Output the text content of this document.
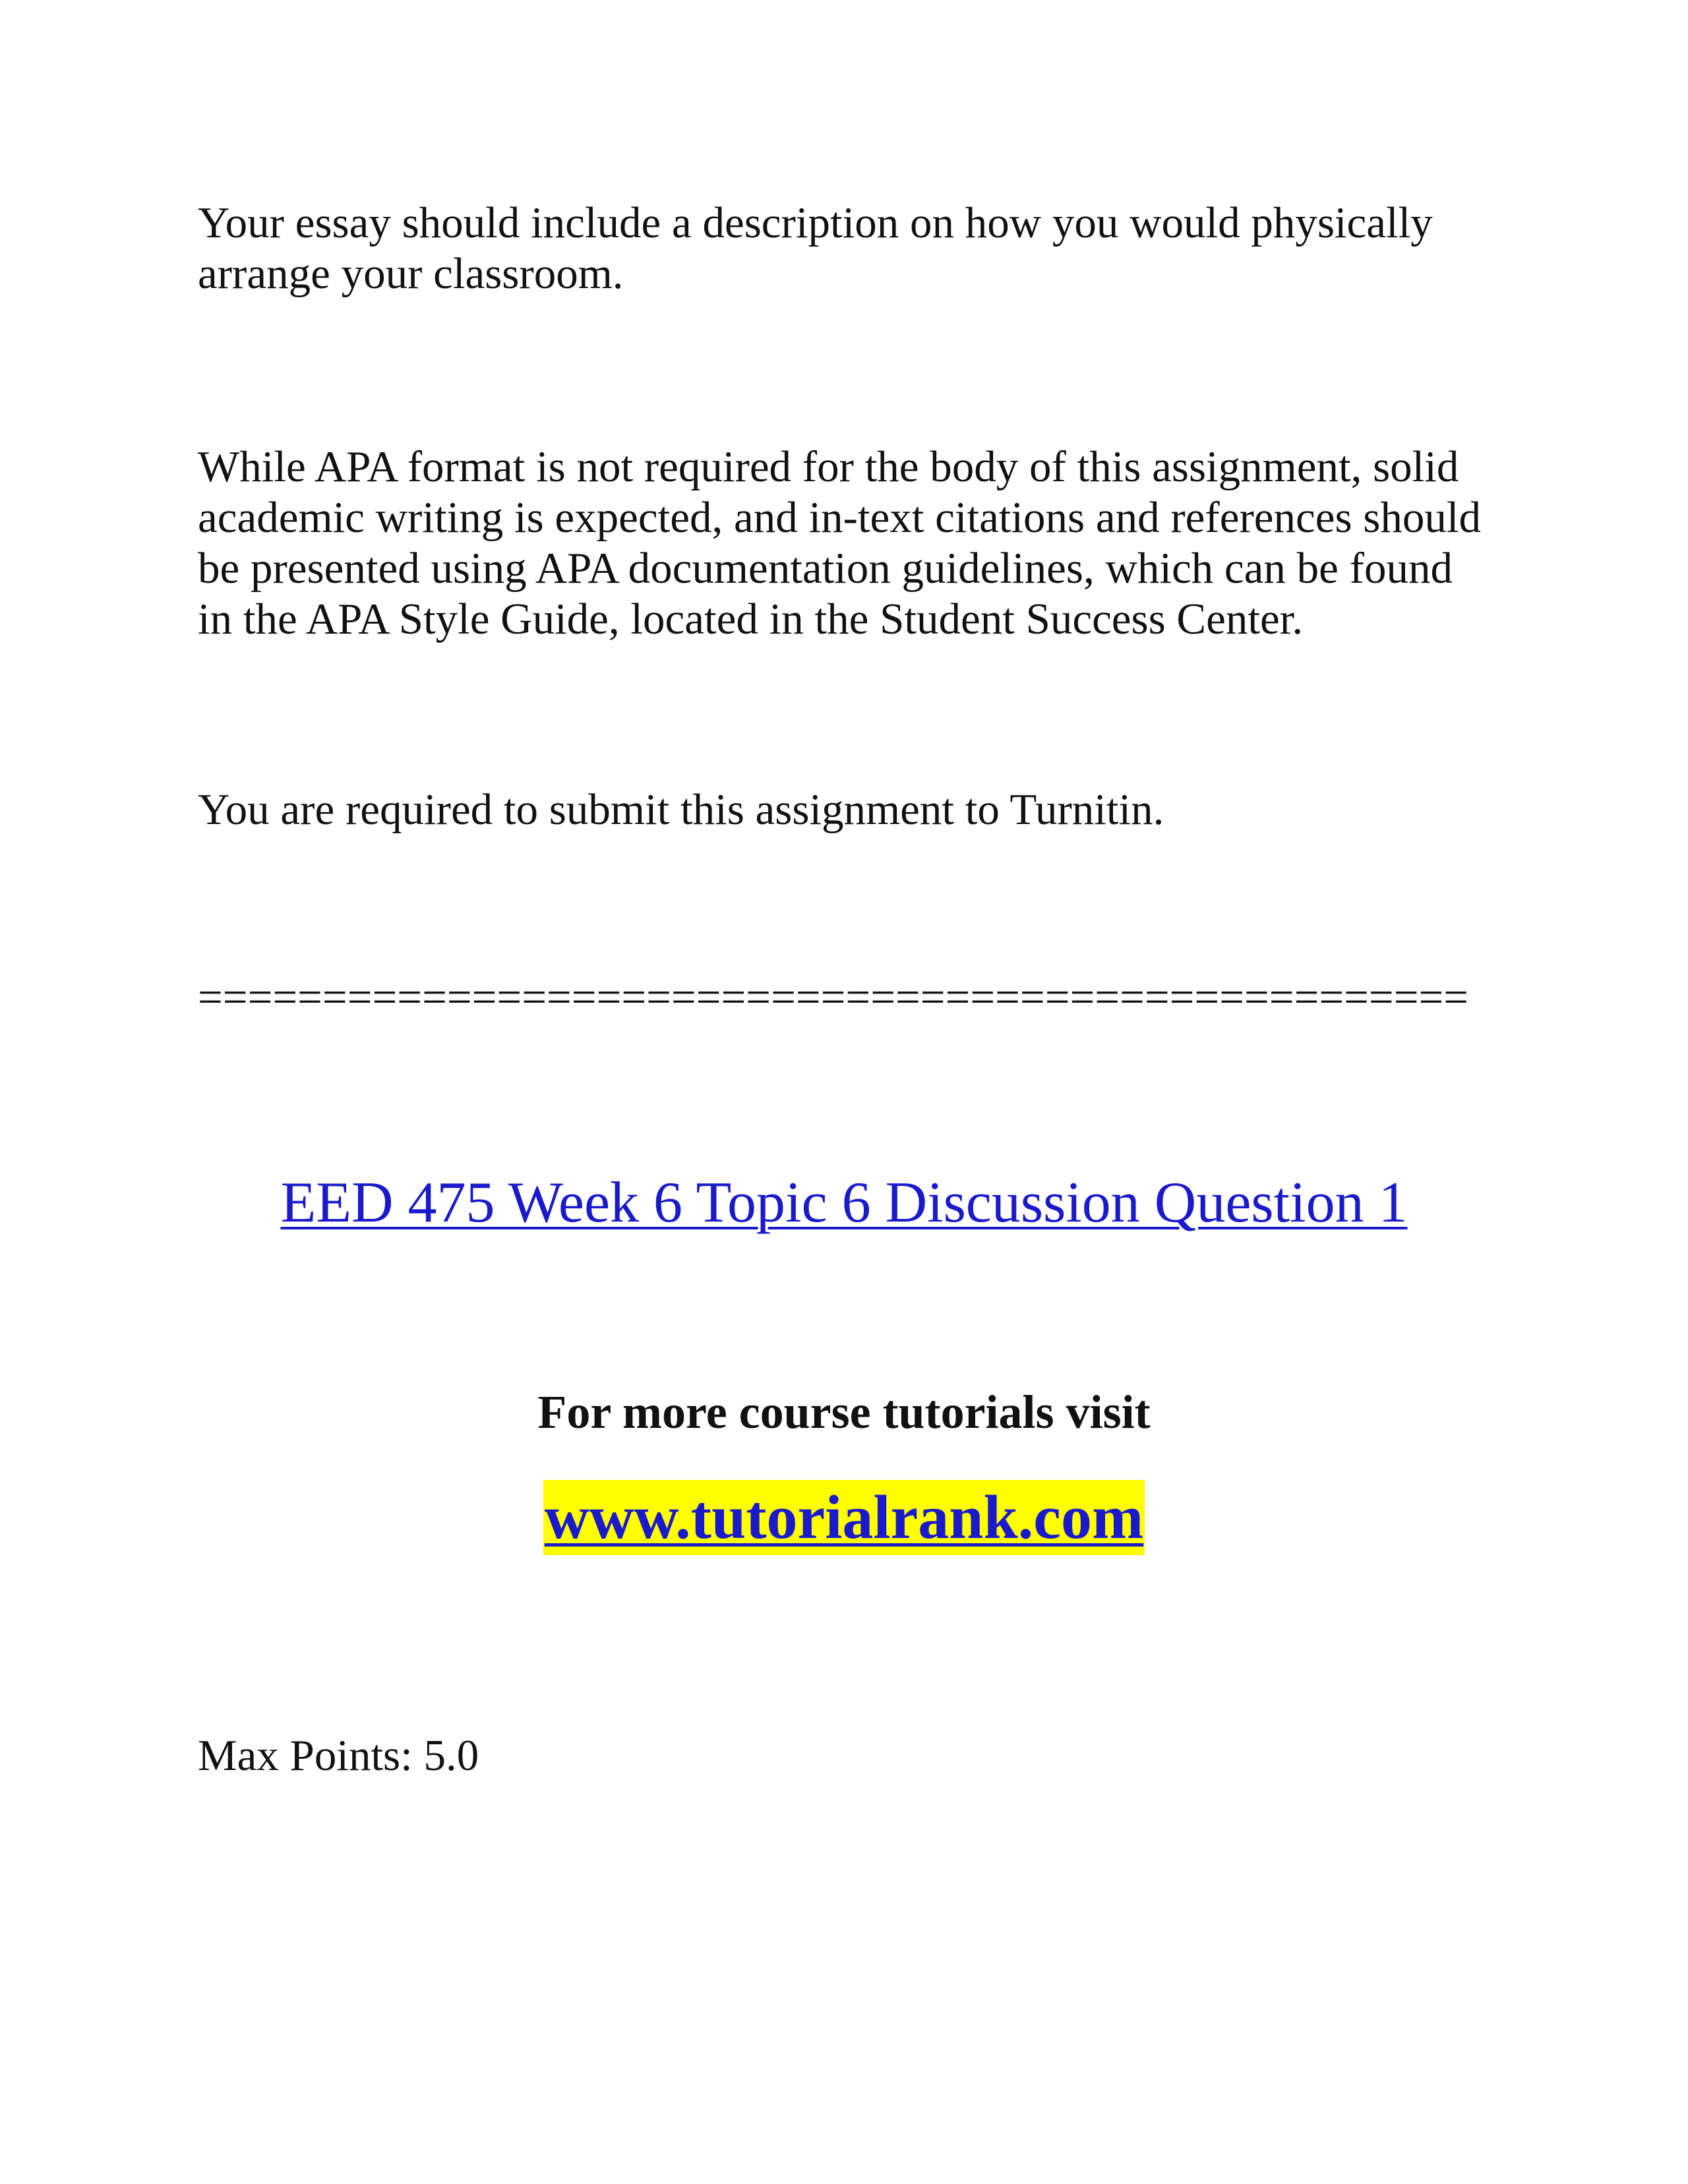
Your essay should include a description on how you would physically
arrange your classroom.

While APA format is not required for the body of this assignment, solid
academic writing is expected, and in-text citations and references should
be presented using APA documentation guidelines, which can be found
in the APA Style Guide, located in the Student Success Center.

You are required to submit this assignment to Turnitin.

===================================================

EED 475 Week 6 Topic 6 Discussion Question 1

For more course tutorials visit

www.tutorialrank.com

Max Points: 5.0
